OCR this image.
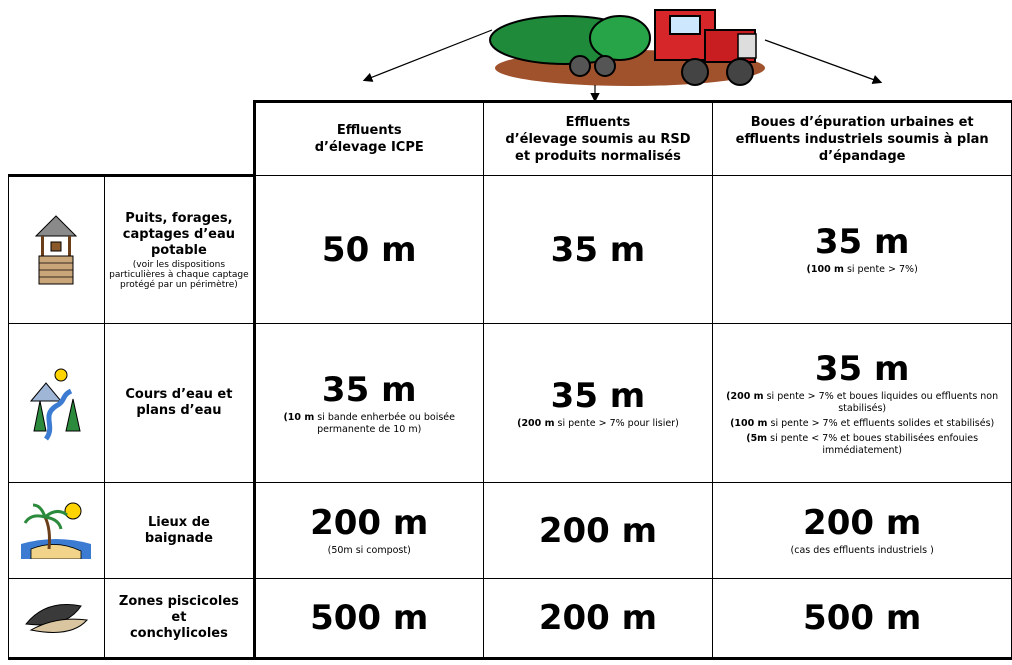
		Effluents
d’élevage ICPE	Effluents
d’élevage soumis au RSD
et produits normalisés	Boues d’épuration urbaines et
effluents industriels soumis à plan
d’épandage
	Puits, forages,
captages d’eau
potable
(voir les dispositions particulières à chaque captage protégé par un périmètre)	50 m	35 m	35 m
(100 m si pente > 7%)

	Cours d’eau et
plans d’eau	35 m
(10 m si bande enherbée ou boisée permanente de 10 m)	35 m
(200 m si pente > 7% pour lisier)	35 m
(200 m si pente > 7% et boues liquides ou effluents non stabilisés)
(100 m si pente > 7% et effluents solides et stabilisés)
(5m si pente < 7% et boues stabilisées enfouies immédiatement)

	Lieux de
baignade	200 m
(50m si compost)	200 m	200 m
(cas des effluents industriels )

	Zones piscicoles
et
conchylicoles	500 m	200 m	500 m
